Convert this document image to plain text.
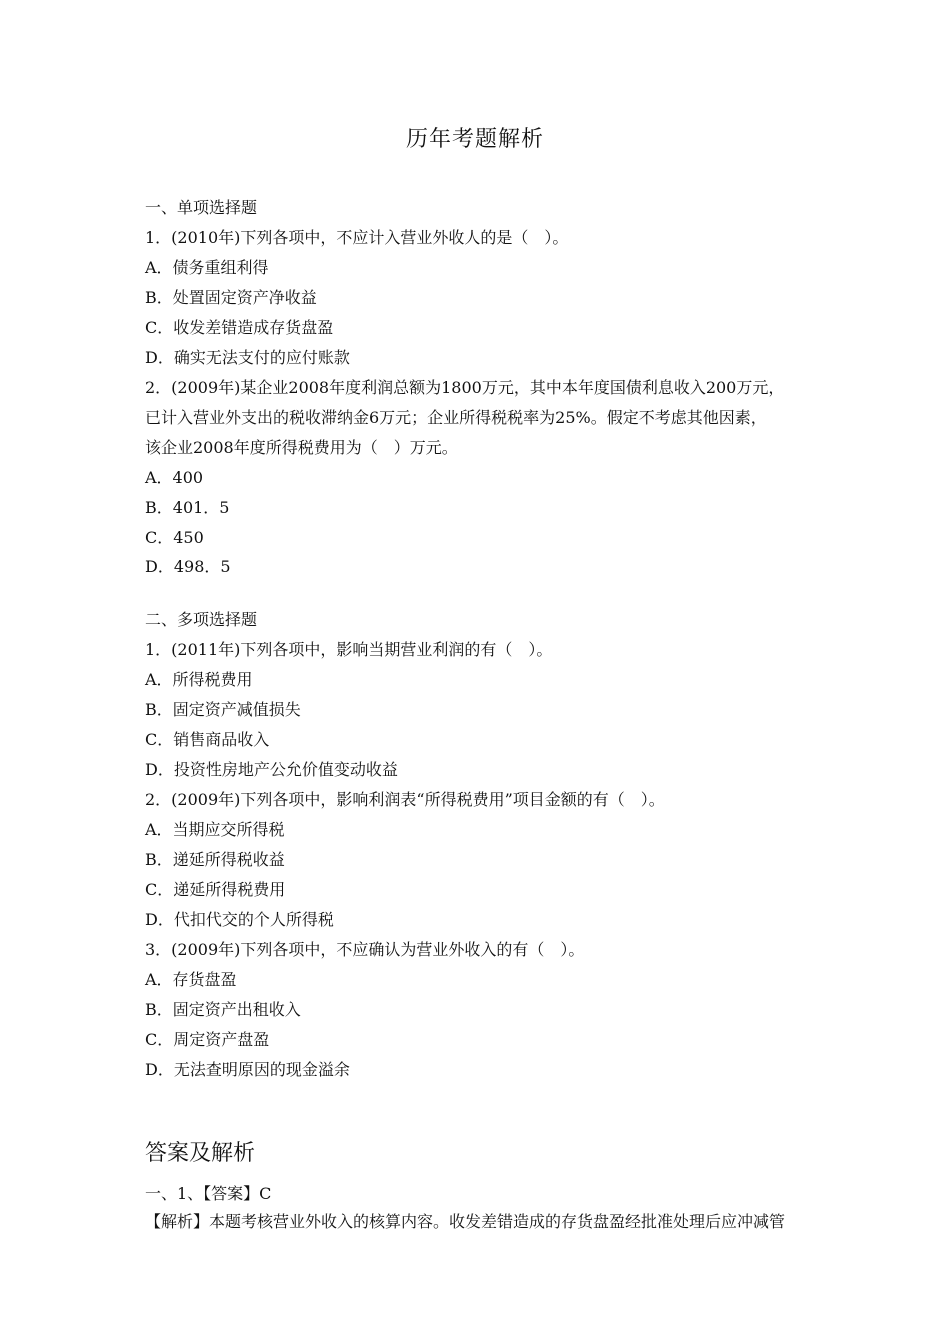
历年考题解析
一、单项选择题
1．(2010年)下列各项中，不应计入营业外收人的是（　）。
A．债务重组利得
B．处置固定资产净收益
C．收发差错造成存货盘盈
D．确实无法支付的应付账款
2．(2009年)某企业2008年度利润总额为1800万元，其中本年度国债利息收入200万元，
已计入营业外支出的税收滞纳金6万元；企业所得税税率为25%。假定不考虑其他因素，
该企业2008年度所得税费用为（　）万元。
A．400
B．401．5
C．450
D．498．5
二、多项选择题
1．(2011年)下列各项中，影响当期营业利润的有（　）。
A．所得税费用
B．固定资产减值损失
C．销售商品收入
D．投资性房地产公允价值变动收益
2．(2009年)下列各项中，影响利润表“所得税费用”项目金额的有（　）。
A．当期应交所得税
B．递延所得税收益
C．递延所得税费用
D．代扣代交的个人所得税
3．(2009年)下列各项中，不应确认为营业外收入的有（　）。
A．存货盘盈
B．固定资产出租收入
C．周定资产盘盈
D．无法查明原因的现金溢余
答案及解析
一、1、【答案】C
【解析】本题考核营业外收入的核算内容。收发差错造成的存货盘盈经批准处理后应冲减管
